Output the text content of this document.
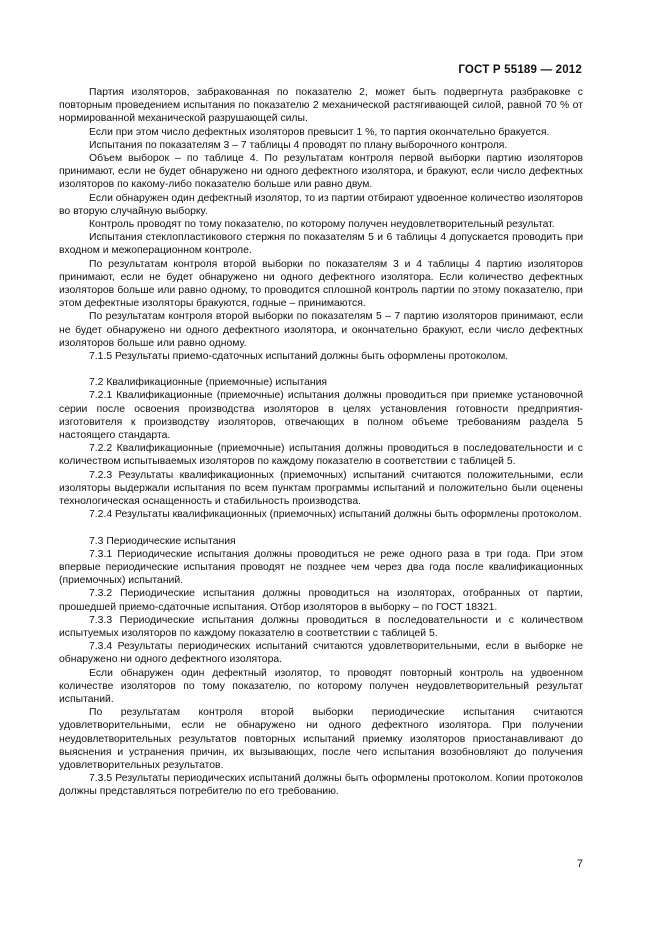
ГОСТ Р 55189 — 2012

Партия изоляторов, забракованная по показателю 2, может быть подвергнута разбраковке с повторным проведением испытания по показателю 2 механической растягивающей силой, равной 70 % от нормированной механической разрушающей силы.

Если при этом число дефектных изоляторов превысит 1 %, то партия окончательно бракуется.

Испытания по показателям 3 – 7 таблицы 4 проводят по плану выборочного контроля.

Объем выборок – по таблице 4. По результатам контроля первой выборки партию изоляторов принимают, если не будет обнаружено ни одного дефектного изолятора, и бракуют, если число дефектных изоляторов по какому-либо показателю больше или равно двум.

Если обнаружен один дефектный изолятор, то из партии отбирают удвоенное количество изоляторов во вторую случайную выборку.

Контроль проводят по тому показателю, по которому получен неудовлетворительный результат.

Испытания стеклопластикового стержня по показателям 5 и 6 таблицы 4 допускается проводить при входном и межоперационном контроле.

По результатам контроля второй выборки по показателям 3 и 4 таблицы 4 партию изоляторов принимают, если не будет обнаружено ни одного дефектного изолятора. Если количество дефектных изоляторов больше или равно одному, то проводится сплошной контроль партии по этому показателю, при этом дефектные изоляторы бракуются, годные – принимаются.

По результатам контроля второй выборки по показателям 5 – 7 партию изоляторов принимают, если не будет обнаружено ни одного дефектного изолятора, и окончательно бракуют, если число дефектных изоляторов больше или равно одному.

7.1.5 Результаты приемо-сдаточных испытаний должны быть оформлены протоколом.

7.2 Квалификационные (приемочные) испытания

7.2.1 Квалификационные (приемочные) испытания должны проводиться при приемке установочной серии после освоения производства изоляторов в целях установления готовности предприятия-изготовителя к производству изоляторов, отвечающих в полном объеме требованиям раздела 5 настоящего стандарта.

7.2.2 Квалификационные (приемочные) испытания должны проводиться в последовательности и с количеством испытываемых изоляторов по каждому показателю в соответствии с таблицей 5.

7.2.3 Результаты квалификационных (приемочных) испытаний считаются положительными, если изоляторы выдержали испытания по всем пунктам программы испытаний и положительно были оценены технологическая оснащенность и стабильность производства.

7.2.4 Результаты квалификационных (приемочных) испытаний должны быть оформлены протоколом.

7.3 Периодические испытания

7.3.1 Периодические испытания должны проводиться не реже одного раза в три года. При этом впервые периодические испытания проводят не позднее чем через два года после квалификационных (приемочных) испытаний.

7.3.2 Периодические испытания должны проводиться на изоляторах, отобранных от партии, прошедшей приемо-сдаточные испытания. Отбор изоляторов в выборку – по ГОСТ 18321.

7.3.3 Периодические испытания должны проводиться в последовательности и с количеством испытуемых изоляторов по каждому показателю в соответствии с таблицей 5.

7.3.4 Результаты периодических испытаний считаются удовлетворительными, если в выборке не обнаружено ни одного дефектного изолятора.

Если обнаружен один дефектный изолятор, то проводят повторный контроль на удвоенном количестве изоляторов по тому показателю, по которому получен неудовлетворительный результат испытаний.

По результатам контроля второй выборки периодические испытания считаются удовлетворительными, если не обнаружено ни одного дефектного изолятора. При получении неудовлетворительных результатов повторных испытаний приемку изоляторов приостанавливают до выяснения и устранения причин, их вызывающих, после чего испытания возобновляют до получения удовлетворительных результатов.

7.3.5 Результаты периодических испытаний должны быть оформлены протоколом. Копии протоколов должны представляться потребителю по его требованию.

7
